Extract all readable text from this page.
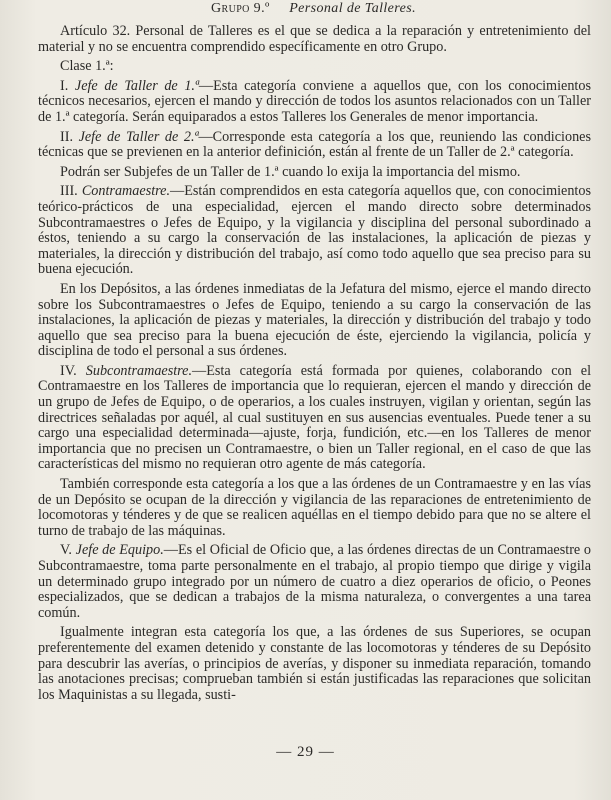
Grupo 9.º Personal de Talleres.

Artículo 32. Personal de Talleres es el que se dedica a la reparación y entretenimiento del material y no se encuentra comprendido específicamente en otro Grupo.

Clase 1.ª:

I. Jefe de Taller de 1.ª—Esta categoría conviene a aquellos que, con los conocimientos técnicos necesarios, ejercen el mando y dirección de todos los asuntos relacionados con un Taller de 1.ª categoría. Serán equiparados a estos Talleres los Generales de menor importancia.

II. Jefe de Taller de 2.ª—Corresponde esta categoría a los que, reuniendo las condiciones técnicas que se previenen en la anterior definición, están al frente de un Taller de 2.ª categoría.

Podrán ser Subjefes de un Taller de 1.ª cuando lo exija la importancia del mismo.

III. Contramaestre.—Están comprendidos en esta categoría aquellos que, con conocimientos teórico-prácticos de una especialidad, ejercen el mando directo sobre determinados Subcontramaestres o Jefes de Equipo, y la vigilancia y disciplina del personal subordinado a éstos, teniendo a su cargo la conservación de las instalaciones, la aplicación de piezas y materiales, la dirección y distribución del trabajo, así como todo aquello que sea preciso para su buena ejecución.

En los Depósitos, a las órdenes inmediatas de la Jefatura del mismo, ejerce el mando directo sobre los Subcontramaestres o Jefes de Equipo, teniendo a su cargo la conservación de las instalaciones, la aplicación de piezas y materiales, la dirección y distribución del trabajo y todo aquello que sea preciso para la buena ejecución de éste, ejerciendo la vigilancia, policía y disciplina de todo el personal a sus órdenes.

IV. Subcontramaestre.—Esta categoría está formada por quienes, colaborando con el Contramaestre en los Talleres de importancia que lo requieran, ejercen el mando y dirección de un grupo de Jefes de Equipo, o de operarios, a los cuales instruyen, vigilan y orientan, según las directrices señaladas por aquél, al cual sustituyen en sus ausencias eventuales. Puede tener a su cargo una especialidad determinada—ajuste, forja, fundición, etc.—en los Talleres de menor importancia que no precisen un Contramaestre, o bien un Taller regional, en el caso de que las características del mismo no requieran otro agente de más categoría.

También corresponde esta categoría a los que a las órdenes de un Contramaestre y en las vías de un Depósito se ocupan de la dirección y vigilancia de las reparaciones de entretenimiento de locomotoras y ténderes y de que se realicen aquéllas en el tiempo debido para que no se altere el turno de trabajo de las máquinas.

V. Jefe de Equipo.—Es el Oficial de Oficio que, a las órdenes directas de un Contramaestre o Subcontramaestre, toma parte personalmente en el trabajo, al propio tiempo que dirige y vigila un determinado grupo integrado por un número de cuatro a diez operarios de oficio, o Peones especializados, que se dedican a trabajos de la misma naturaleza, o convergentes a una tarea común.

Igualmente integran esta categoría los que, a las órdenes de sus Superiores, se ocupan preferentemente del examen detenido y constante de las locomotoras y ténderes de su Depósito para descubrir las averías, o principios de averías, y disponer su inmediata reparación, tomando las anotaciones precisas; comprueban también si están justificadas las reparaciones que solicitan los Maquinistas a su llegada, susti-

— 29 —
